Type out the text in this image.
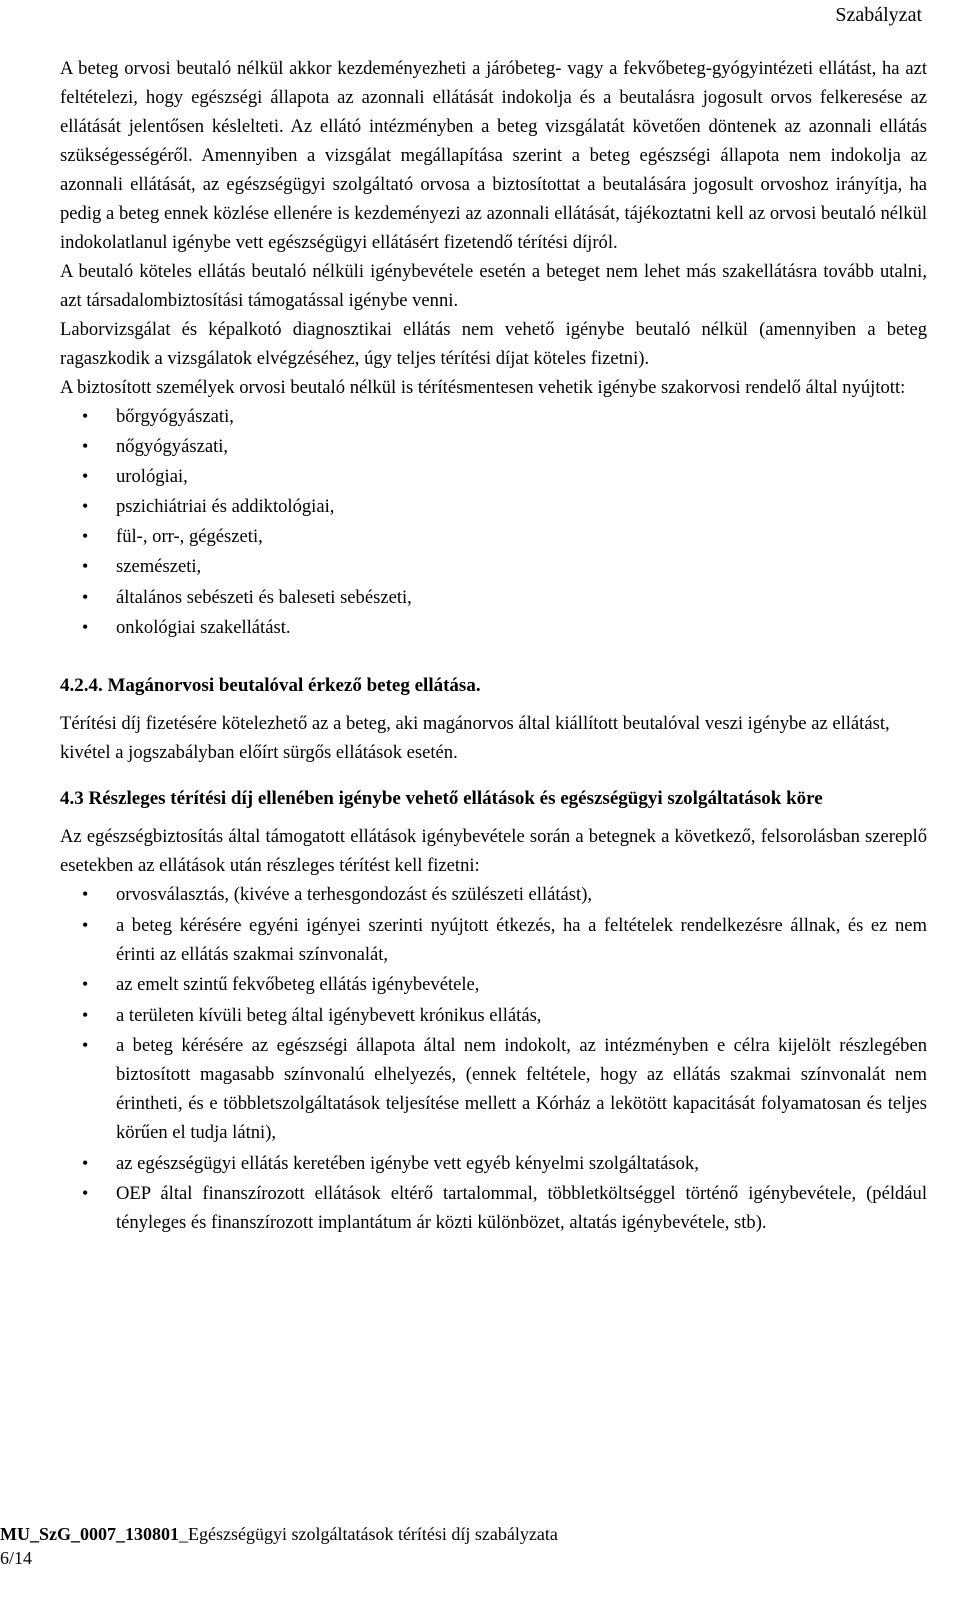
Szabályzat

A beteg orvosi beutaló nélkül akkor kezdeményezheti a járóbeteg- vagy a fekvőbeteg-gyógyintézeti ellátást, ha azt feltételezi, hogy egészségi állapota az azonnali ellátását indokolja és a beutalásra jogosult orvos felkeresése az ellátását jelentősen késlelteti. Az ellátó intézményben a beteg vizsgálatát követően döntenek az azonnali ellátás szükségességéről. Amennyiben a vizsgálat megállapítása szerint a beteg egészségi állapota nem indokolja az azonnali ellátását, az egészségügyi szolgáltató orvosa a biztosítottat a beutalására jogosult orvoshoz irányítja, ha pedig a beteg ennek közlése ellenére is kezdeményezi az azonnali ellátását, tájékoztatni kell az orvosi beutaló nélkül indokolatlanul igénybe vett egészségügyi ellátásért fizetendő térítési díjról.

A beutaló köteles ellátás beutaló nélküli igénybevétele esetén a beteget nem lehet más szakellátásra tovább utalni, azt társadalombiztosítási támogatással igénybe venni.

Laborvizsgálat és képalkotó diagnosztikai ellátás nem vehető igénybe beutaló nélkül (amennyiben a beteg ragaszkodik a vizsgálatok elvégzéséhez, úgy teljes térítési díjat köteles fizetni).

A biztosított személyek orvosi beutaló nélkül is térítésmentesen vehetik igénybe szakorvosi rendelő által nyújtott:

• bőrgyógyászati,
• nőgyógyászati,
• urológiai,
• pszichiátriai és addiktológiai,
• fül-, orr-, gégészeti,
• szemészeti,
• általános sebészeti és baleseti sebészeti,
• onkológiai szakellátást.
4.2.4. Magánorvosi beutalóval érkező beteg ellátása.

Térítési díj fizetésére kötelezhető az a beteg, aki magánorvos által kiállított beutalóval veszi igénybe az ellátást, kivétel a jogszabályban előírt sürgős ellátások esetén.

4.3 Részleges térítési díj ellenében igénybe vehető ellátások és egészségügyi szolgáltatások köre

Az egészségbiztosítás által támogatott ellátások igénybevétele során a betegnek a következő, felsorolásban szereplő esetekben az ellátások után részleges térítést kell fizetni:

• orvosválasztás, (kivéve a terhesgondozást és szülészeti ellátást),
• a beteg kérésére egyéni igényei szerinti nyújtott étkezés, ha a feltételek rendelkezésre állnak, és ez nem érinti az ellátás szakmai színvonalát,
• az emelt szintű fekvőbeteg ellátás igénybevétele,
• a területen kívüli beteg által igénybevett krónikus ellátás,
• a beteg kérésére az egészségi állapota által nem indokolt, az intézményben e célra kijelölt részlegében biztosított magasabb színvonalú elhelyezés, (ennek feltétele, hogy az ellátás szakmai színvonalát nem érintheti, és e többletszolgáltatások teljesítése mellett a Kórház a lekötött kapacitását folyamatosan és teljes körűen el tudja látni),
• az egészségügyi ellátás keretében igénybe vett egyéb kényelmi szolgáltatások,
• OEP által finanszírozott ellátások eltérő tartalommal, többletköltséggel történő igénybevétele, (például tényleges és finanszírozott implantátum ár közti különbözet, altatás igénybevétele, stb).
MU_SzG_0007_130801_Egészségügyi szolgáltatások térítési díj szabályzata
6/14
